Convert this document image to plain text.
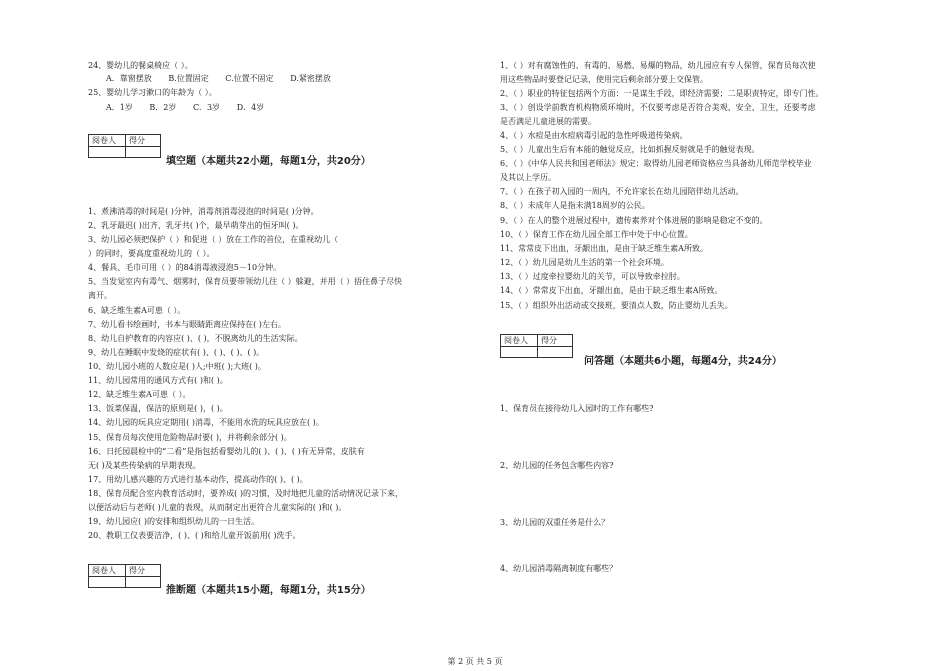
24、婴幼儿的餐桌椅应（ ）。
A．靠窗摆放 B.位置固定 C.位置不固定 D.紧密摆放
25、婴幼儿学习漱口的年龄为（ ）。
A．1岁 B．2岁 C．3岁 D．4岁
阅卷人	得分

填空题（本题共22小题，每题1分，共20分）
1、煮沸消毒的时间是( )分钟，消毒剂消毒浸泡的时间是( )分钟。
2、乳牙最迟( )出齐，乳牙共( )个，最早萌芽出的恒牙叫( )。
3、幼儿园必须把保护（ ）和促进（ ）放在工作的首位，在重视幼儿（
）的同时，要高度重视幼儿的（ ）。
4、餐具、毛巾可用（ ）的84消毒液浸泡5－10分钟。
5、当发觉室内有毒气、烟雾时，保育员要带领幼儿往（ ）躲避，并用（ ）捂住鼻子尽快
离开。
6、缺乏维生素A可患（ ）。
7、幼儿看书绘画时，书本与眼睛距离应保持在( )左右。
8、幼儿自护教育的内容应( )、( )，不脱离幼儿的生活实际。
9、幼儿在睡眠中发烧的症状有( )、( )、( )、( )。
10、幼儿园小班的人数应是( )人;中班( );大班( )。
11、幼儿园常用的通风方式有( )和( )。
12、缺乏维生素A可患（ ）。
13、饭菜保温，保洁的原则是( )，( )。
14、幼儿园的玩具应定期用( )消毒，不能用水洗的玩具应放在( )。
15、保育员每次使用危险物品时要( )，并将剩余部分( )。
16、日托园晨检中的“二看”是指包括看婴幼儿的( )、( )、( )有无异常，皮肤有
无( )及某些传染病的早期表现。
17、用幼儿感兴趣的方式进行基本动作，提高动作的( )、( )。
18、保育员配合室内教育活动时，要养成( )的习惯，及时地把儿童的活动情况记录下来，
以便活动后与老师( )儿童的表现，从而制定出更符合儿童实际的( )和( )。
19、幼儿园应( )的安排和组织幼儿的一日生活。
20、教职工仪表要洁净，( )、( )和给儿童开饭前用( )洗手。
阅卷人	得分

推断题（本题共15小题，每题1分，共15分）
1、（ ）对有腐蚀性的、有毒的、易燃、易爆的物品，幼儿园应有专人保管，保育员每次使
用这些物品时要登记记录，使用完后剩余部分要上交保管。
2、（ ）职业的特征包括两个方面：一是谋生手段，即经济需要；二是职责特定，即专门性。
3、（ ）创设学前教育机构物质环境时，不仅要考虑是否符合美观、安全、卫生，还要考虑
是否满足儿童进展的需要。
4、（ ）水痘是由水痘病毒引起的急性呼吸道传染病。
5、（ ）儿童出生后有本能的触觉反应，比如抓握反射就是手的触觉表现。
6、（ ）《中华人民共和国老师法》规定：取得幼儿园老师资格应当具备幼儿师范学校毕业
及其以上学历。
7、（ ）在孩子初入园的一周内，不允许家长在幼儿园陪伴幼儿活动。
8、（ ）未成年人是指未满18周岁的公民。
9、（ ）在人的整个进展过程中，遗传素养对个体进展的影响是稳定不变的。
10、（ ）保育工作在幼儿园全部工作中处于中心位置。
11、常常皮下出血，牙龈出血，是由于缺乏维生素A所致。
12、（ ）幼儿园是幼儿生活的第一个社会环境。
13、（ ）过度牵拉婴幼儿的关节，可以导致牵拉肘。
14、（ ）常常皮下出血，牙龈出血，是由于缺乏维生素A所致。
15、（ ）组织外出活动或交接班，要清点人数，防止婴幼儿丢失。
阅卷人	得分

问答题（本题共6小题，每题4分，共24分）
1、保育员在接待幼儿入园时的工作有哪些?
2、幼儿园的任务包含哪些内容?
3、幼儿园的双重任务是什么？
4、幼儿园消毒隔离制度有哪些？
第 2 页 共 5 页
